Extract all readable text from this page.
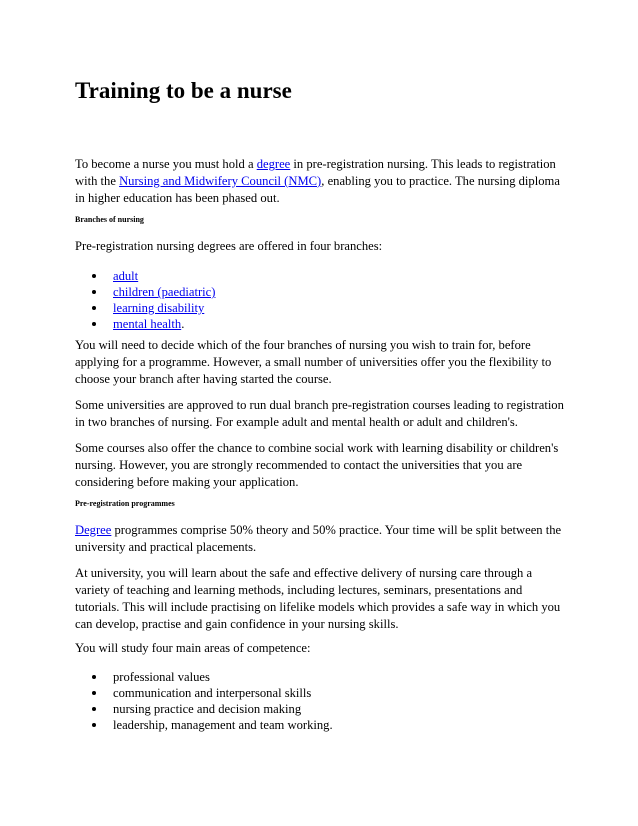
Training to be a nurse

To become a nurse you must hold a degree in pre-registration nursing. This leads to registration with the Nursing and Midwifery Council (NMC), enabling you to practice. The nursing diploma in higher education has been phased out.

Branches of nursing

Pre-registration nursing degrees are offered in four branches:

adult
children (paediatric)
learning disability
mental health.

You will need to decide which of the four branches of nursing you wish to train for, before applying for a programme. However, a small number of universities offer you the flexibility to choose your branch after having started the course.

Some universities are approved to run dual branch pre-registration courses leading to registration in two branches of nursing. For example adult and mental health or adult and children's.

Some courses also offer the chance to combine social work with learning disability or children's nursing. However, you are strongly recommended to contact the universities that you are considering before making your application.

Pre-registration programmes

Degree programmes comprise 50% theory and 50% practice. Your time will be split between the university and practical placements.

At university, you will learn about the safe and effective delivery of nursing care through a variety of teaching and learning methods, including lectures, seminars, presentations and tutorials. This will include practising on lifelike models which provides a safe way in which you can develop, practise and gain confidence in your nursing skills.

You will study four main areas of competence:

professional values
communication and interpersonal skills
nursing practice and decision making
leadership, management and team working.
